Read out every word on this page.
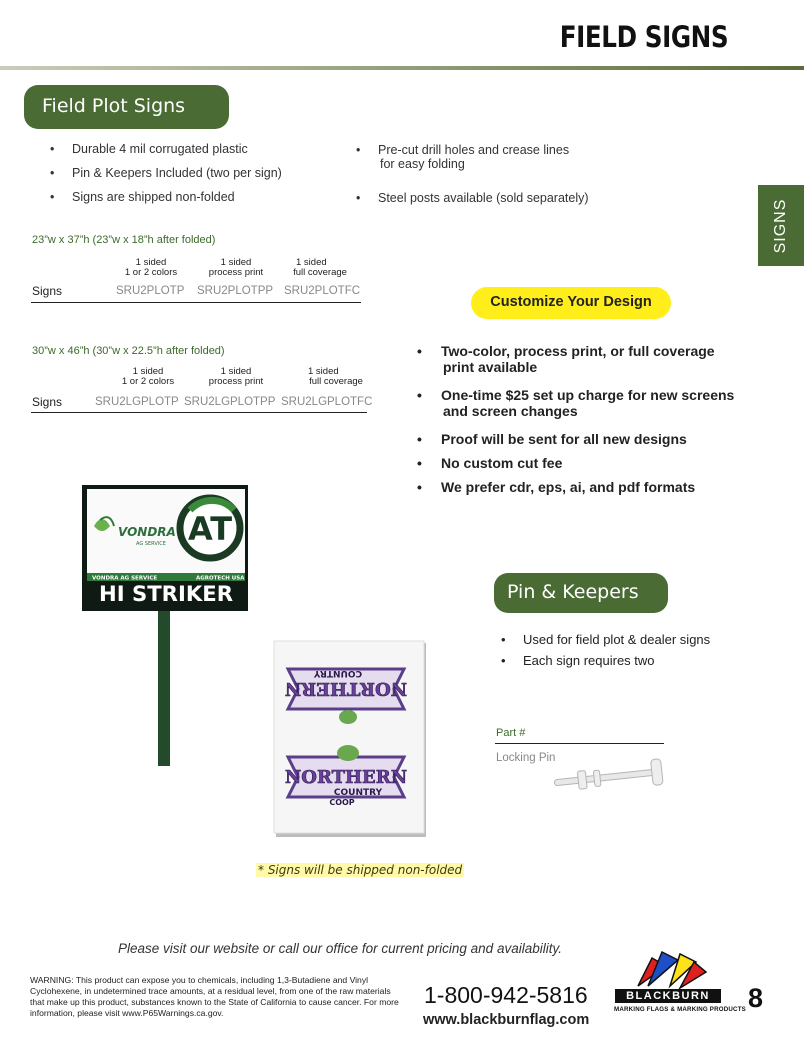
FIELD SIGNS
SIGNS
Field Plot Signs
• Durable 4 mil corrugated plastic
• Pin & Keepers Included (two per sign)
• Signs are shipped non-folded
• Pre-cut drill holes and crease lines
for easy folding
• Steel posts available (sold separately)
23”w x 37”h (23”w x 18”h after folded)
1 sided
1 or 2 colors
1 sided
process print
1 sided
full coverage
Signs	SRU2PLOTP SRU2PLOTPP SRU2PLOTFC
30”w x 46”h (30”w x 22.5”h after folded)
1 sided
1 or 2 colors
1 sided
process print
1 sided
full coverage
Signs	SRU2LGPLOTP SRU2LGPLOTPP SRU2LGPLOTFC
Customize Your Design
• Two-color, process print, or full coverage
print available
• One-time $25 set up charge for new screens
and screen changes
• Proof will be sent for all new designs
• No custom cut fee
• We prefer cdr, eps, ai, and pdf formats
VONDRA
AG SERVICE AT
VONDRA AG SERVICE	AGROTECH USA
HI STRIKER
NORTHERN
COUNTRY
NORTHERN
COUNTRY
COOP
Pin & Keepers
• Used for field plot & dealer signs
• Each sign requires two
Part #
Locking Pin
* Signs will be shipped non-folded
Please visit our website or call our office for current pricing and availability.
WARNING: This product can expose you to chemicals, including 1,3-Butadiene and Vinyl Cyclohexene, in undetermined trace amounts, at a residual level, from one of the raw materials that make up this product, substances known to the State of California to cause cancer. For more information, please visit www.P65Warnings.ca.gov.
1-800-942-5816
www.blackburnflag.com
BLACKBURN
MARKING FLAGS & MARKING PRODUCTS 8
